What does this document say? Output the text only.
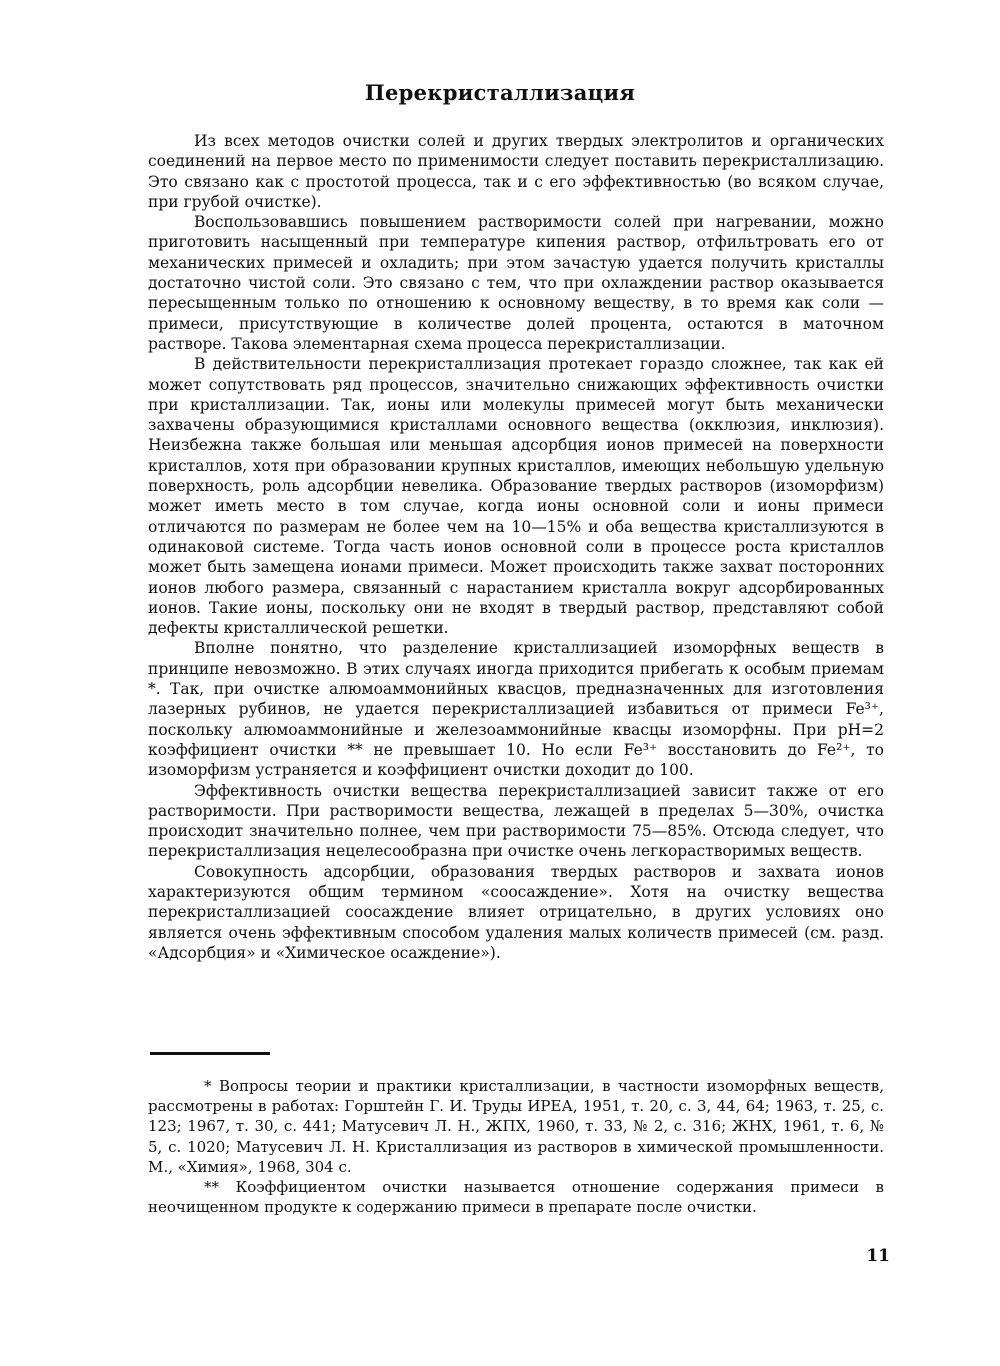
Перекристаллизация

Из всех методов очистки солей и других твердых электролитов и органических соединений на первое место по применимости следует поставить перекристаллизацию. Это связано как с простотой процесса, так и с его эффективностью (во всяком случае, при грубой очистке).

Воспользовавшись повышением растворимости солей при нагревании, можно приготовить насыщенный при температуре кипения раствор, отфильтровать его от механических примесей и охладить; при этом зачастую удается получить кристаллы достаточно чистой соли. Это связано с тем, что при охлаждении раствор оказывается пересыщенным только по отношению к основному веществу, в то время как соли — примеси, присутствующие в количестве долей процента, остаются в маточном растворе. Такова элементарная схема процесса перекристаллизации.

В действительности перекристаллизация протекает гораздо сложнее, так как ей может сопутствовать ряд процессов, значительно снижающих эффективность очистки при кристаллизации. Так, ионы или молекулы примесей могут быть механически захвачены образующимися кристаллами основного вещества (окклюзия, инклюзия). Неизбежна также большая или меньшая адсорбция ионов примесей на поверхности кристаллов, хотя при образовании крупных кристаллов, имеющих небольшую удельную поверхность, роль адсорбции невелика. Образование твердых растворов (изоморфизм) может иметь место в том случае, когда ионы основной соли и ионы примеси отличаются по размерам не более чем на 10—15% и оба вещества кристаллизуются в одинаковой системе. Тогда часть ионов основной соли в процессе роста кристаллов может быть замещена ионами примеси. Может происходить также захват посторонних ионов любого размера, связанный с нарастанием кристалла вокруг адсорбированных ионов. Такие ионы, поскольку они не входят в твердый раствор, представляют собой дефекты кристаллической решетки.

Вполне понятно, что разделение кристаллизацией изоморфных веществ в принципе невозможно. В этих случаях иногда приходится прибегать к особым приемам *. Так, при очистке алюмоаммонийных квасцов, предназначенных для изготовления лазерных рубинов, не удается перекристаллизацией избавиться от примеси Fe³⁺, поскольку алюмоаммонийные и железоаммонийные квасцы изоморфны. При pH=2 коэффициент очистки ** не превышает 10. Но если Fe³⁺ восстановить до Fe²⁺, то изоморфизм устраняется и коэффициент очистки доходит до 100.

Эффективность очистки вещества перекристаллизацией зависит также от его растворимости. При растворимости вещества, лежащей в пределах 5—30%, очистка происходит значительно полнее, чем при растворимости 75—85%. Отсюда следует, что перекристаллизация нецелесообразна при очистке очень легкорастворимых веществ.

Совокупность адсорбции, образования твердых растворов и захвата ионов характеризуются общим термином «соосаждение». Хотя на очистку вещества перекристаллизацией соосаждение влияет отрицательно, в других условиях оно является очень эффективным способом удаления малых количеств примесей (см. разд. «Адсорбция» и «Химическое осаждение»).

* Вопросы теории и практики кристаллизации, в частности изоморфных веществ, рассмотрены в работах: Горштейн Г. И. Труды ИРЕА, 1951, т. 20, с. 3, 44, 64; 1963, т. 25, с. 123; 1967, т. 30, с. 441; Матусевич Л. Н., ЖПХ, 1960, т. 33, № 2, с. 316; ЖНХ, 1961, т. 6, № 5, с. 1020; Матусевич Л. Н. Кристаллизация из растворов в химической промышленности. М., «Химия», 1968, 304 с.

** Коэффициентом очистки называется отношение содержания примеси в неочищенном продукте к содержанию примеси в препарате после очистки.

11
